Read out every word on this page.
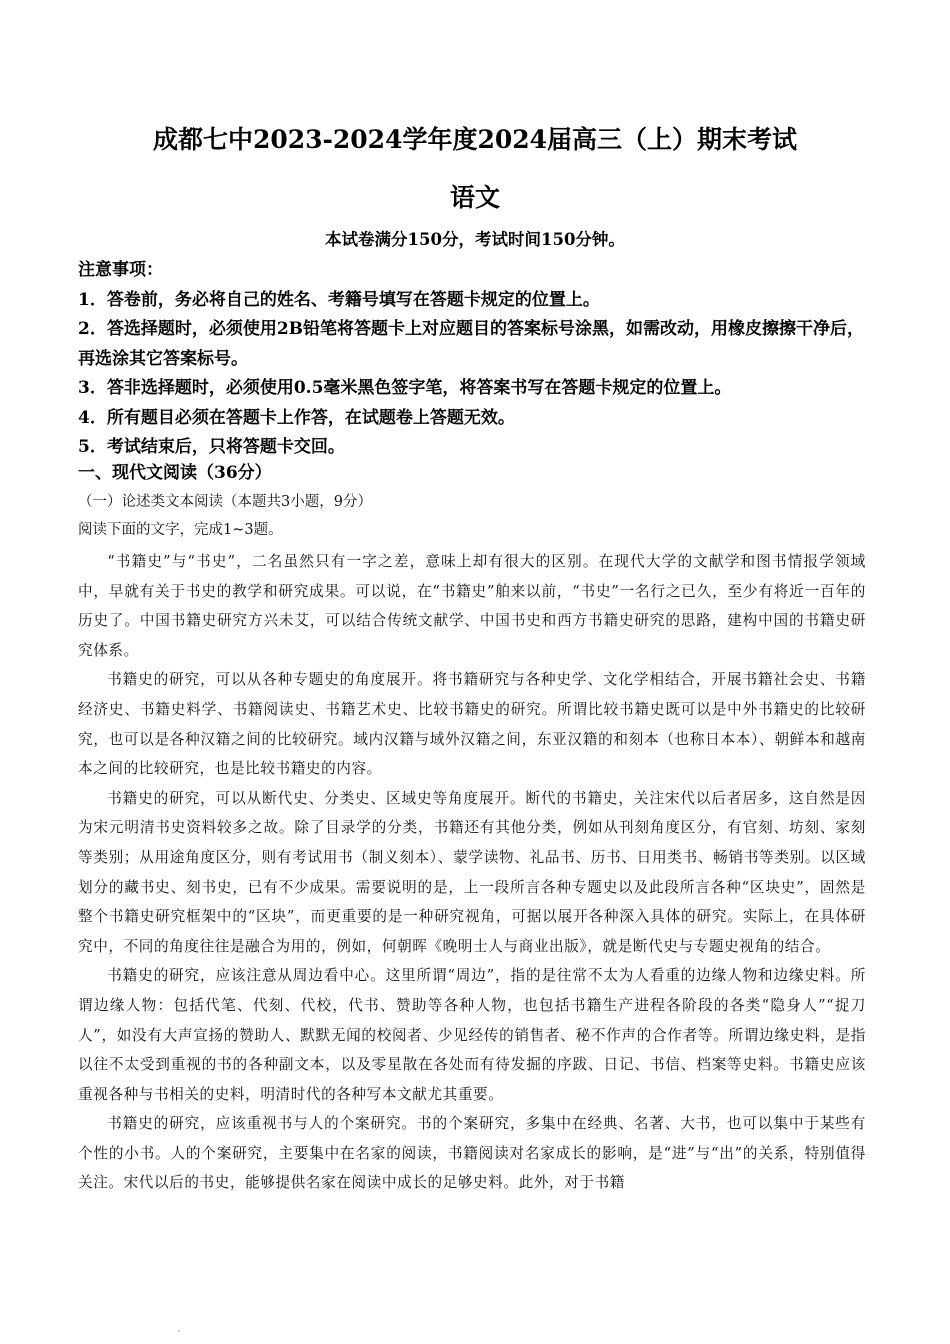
成都七中2023-2024学年度2024届高三（上）期末考试
语文
本试卷满分150分，考试时间150分钟。

注意事项：

1．答卷前，务必将自己的姓名、考籍号填写在答题卡规定的位置上。

2．答选择题时，必须使用2B铅笔将答题卡上对应题目的答案标号涂黑，如需改动，用橡皮擦擦干净后，再选涂其它答案标号。

3．答非选择题时，必须使用0.5毫米黑色签字笔，将答案书写在答题卡规定的位置上。

4．所有题目必须在答题卡上作答，在试题卷上答题无效。

5．考试结束后，只将答题卡交回。

一、现代文阅读（36分）
（一）论述类文本阅读（本题共3小题，9分）
阅读下面的文字，完成1~3题。

“书籍史”与“书史”，二名虽然只有一字之差，意味上却有很大的区别。在现代大学的文献学和图书情报学领域中，早就有关于书史的教学和研究成果。可以说，在“书籍史”舶来以前，“书史”一名行之已久，至少有将近一百年的历史了。中国书籍史研究方兴未艾，可以结合传统文献学、中国书史和西方书籍史研究的思路，建构中国的书籍史研究体系。

书籍史的研究，可以从各种专题史的角度展开。将书籍研究与各种史学、文化学相结合，开展书籍社会史、书籍经济史、书籍史料学、书籍阅读史、书籍艺术史、比较书籍史的研究。所谓比较书籍史既可以是中外书籍史的比较研究，也可以是各种汉籍之间的比较研究。域内汉籍与域外汉籍之间，东亚汉籍的和刻本（也称日本本）、朝鲜本和越南本之间的比较研究，也是比较书籍史的内容。

书籍史的研究，可以从断代史、分类史、区域史等角度展开。断代的书籍史，关注宋代以后者居多，这自然是因为宋元明清书史资料较多之故。除了目录学的分类，书籍还有其他分类，例如从刊刻角度区分，有官刻、坊刻、家刻等类别；从用途角度区分，则有考试用书（制义刻本）、蒙学读物、礼品书、历书、日用类书、畅销书等类别。以区域划分的藏书史、刻书史，已有不少成果。需要说明的是，上一段所言各种专题史以及此段所言各种“区块史”，固然是整个书籍史研究框架中的“区块”，而更重要的是一种研究视角，可据以展开各种深入具体的研究。实际上，在具体研究中，不同的角度往往是融合为用的，例如，何朝晖《晚明士人与商业出版》，就是断代史与专题史视角的结合。

书籍史的研究，应该注意从周边看中心。这里所谓“周边”，指的是往常不太为人看重的边缘人物和边缘史料。所谓边缘人物：包括代笔、代刻、代校，代书、赞助等各种人物，也包括书籍生产进程各阶段的各类“隐身人”“捉刀人”，如没有大声宣扬的赞助人、默默无闻的校阅者、少见经传的销售者、秘不作声的合作者等。所谓边缘史料，是指以往不太受到重视的书的各种副文本，以及零星散在各处而有待发掘的序跋、日记、书信、档案等史料。书籍史应该重视各种与书相关的史料，明清时代的各种写本文献尤其重要。

书籍史的研究，应该重视书与人的个案研究。书的个案研究，多集中在经典、名著、大书，也可以集中于某些有个性的小书。人的个案研究，主要集中在名家的阅读，书籍阅读对名家成长的影响，是“进”与“出”的关系，特别值得关注。宋代以后的书史，能够提供名家在阅读中成长的足够史料。此外，对于书籍
